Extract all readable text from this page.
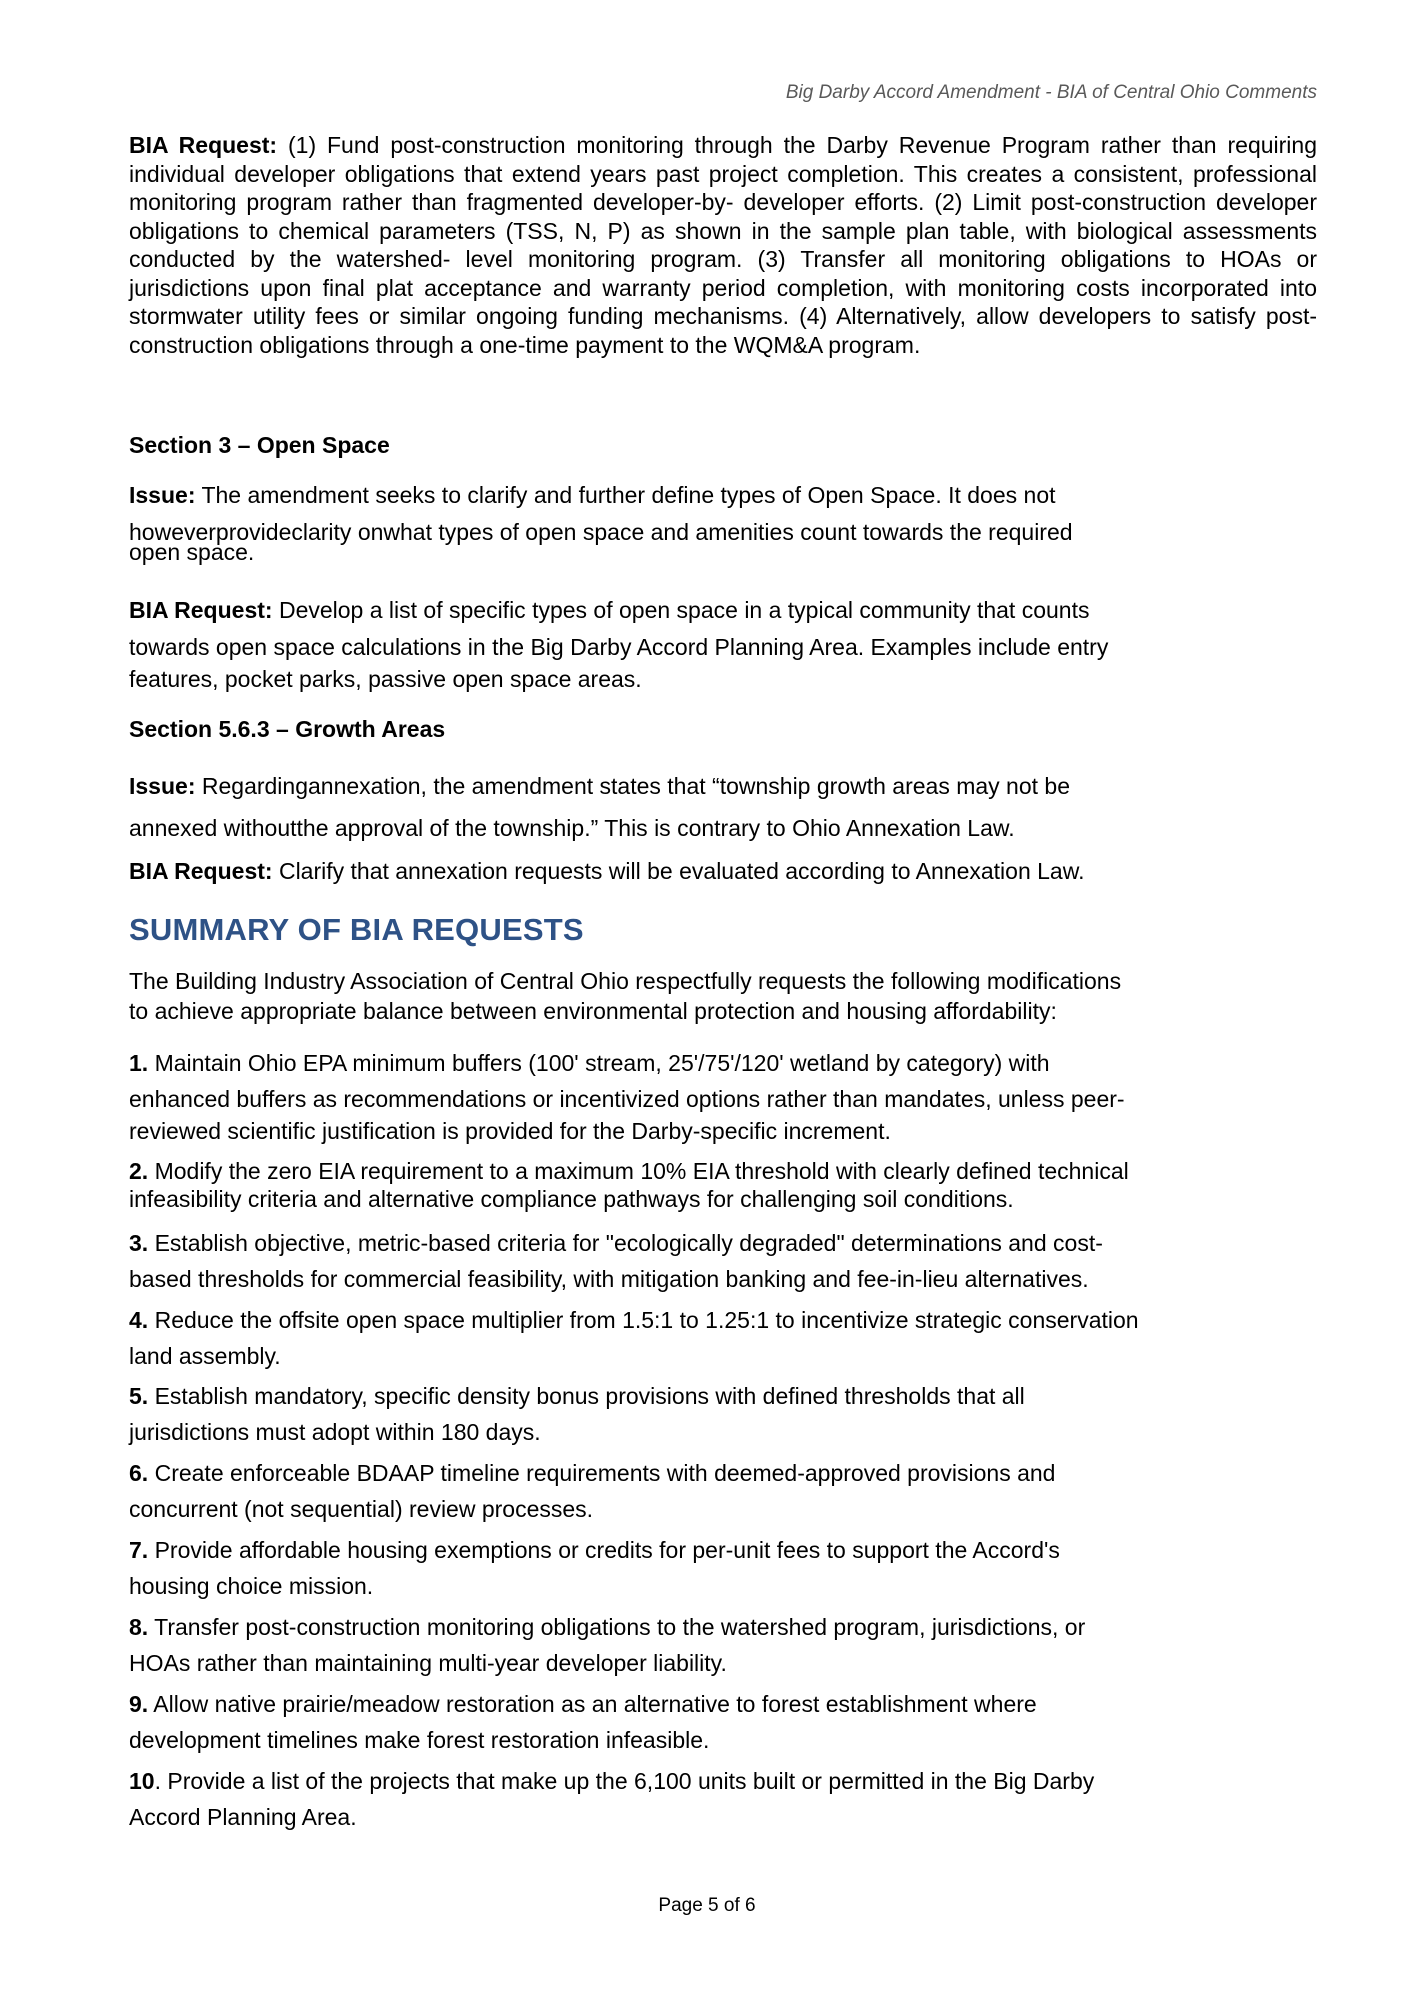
Big Darby Accord Amendment - BIA of Central Ohio Comments
BIA Request: (1) Fund post-construction monitoring through the Darby Revenue Program rather than requiring individual developer obligations that extend years past project completion. This creates a consistent, professional monitoring program rather than fragmented developer-by- developer efforts. (2) Limit post-construction developer obligations to chemical parameters (TSS, N, P) as shown in the sample plan table, with biological assessments conducted by the watershed- level monitoring program. (3) Transfer all monitoring obligations to HOAs or jurisdictions upon final plat acceptance and warranty period completion, with monitoring costs incorporated into stormwater utility fees or similar ongoing funding mechanisms. (4) Alternatively, allow developers to satisfy post- construction obligations through a one-time payment to the WQM&A program.
Section 3 – Open Space
Issue: The amendment seeks to clarify and further define types of Open Space. It does not
howeverprovideclarity onwhat types of open space and amenities count towards the required
open space.
BIA Request: Develop a list of specific types of open space in a typical community that counts
towards open space calculations in the Big Darby Accord Planning Area. Examples include entry
features, pocket parks, passive open space areas.
Section 5.6.3 – Growth Areas
Issue: Regardingannexation, the amendment states that “township growth areas may not be
annexed withoutthe approval of the township.” This is contrary to Ohio Annexation Law.
BIA Request: Clarify that annexation requests will be evaluated according to Annexation Law.
SUMMARY OF BIA REQUESTS
The Building Industry Association of Central Ohio respectfully requests the following modifications
to achieve appropriate balance between environmental protection and housing affordability:
1. Maintain Ohio EPA minimum buffers (100' stream, 25'/75'/120' wetland by category) with
enhanced buffers as recommendations or incentivized options rather than mandates, unless peer-
reviewed scientific justification is provided for the Darby-specific increment.
2. Modify the zero EIA requirement to a maximum 10% EIA threshold with clearly defined technical
infeasibility criteria and alternative compliance pathways for challenging soil conditions.
3. Establish objective, metric-based criteria for "ecologically degraded" determinations and cost-
based thresholds for commercial feasibility, with mitigation banking and fee-in-lieu alternatives.
4. Reduce the offsite open space multiplier from 1.5:1 to 1.25:1 to incentivize strategic conservation
land assembly.
5. Establish mandatory, specific density bonus provisions with defined thresholds that all
jurisdictions must adopt within 180 days.
6. Create enforceable BDAAP timeline requirements with deemed-approved provisions and
concurrent (not sequential) review processes.
7. Provide affordable housing exemptions or credits for per-unit fees to support the Accord's
housing choice mission.
8. Transfer post-construction monitoring obligations to the watershed program, jurisdictions, or
HOAs rather than maintaining multi-year developer liability.
9. Allow native prairie/meadow restoration as an alternative to forest establishment where
development timelines make forest restoration infeasible.
10. Provide a list of the projects that make up the 6,100 units built or permitted in the Big Darby
Accord Planning Area.
Page 5 of 6
